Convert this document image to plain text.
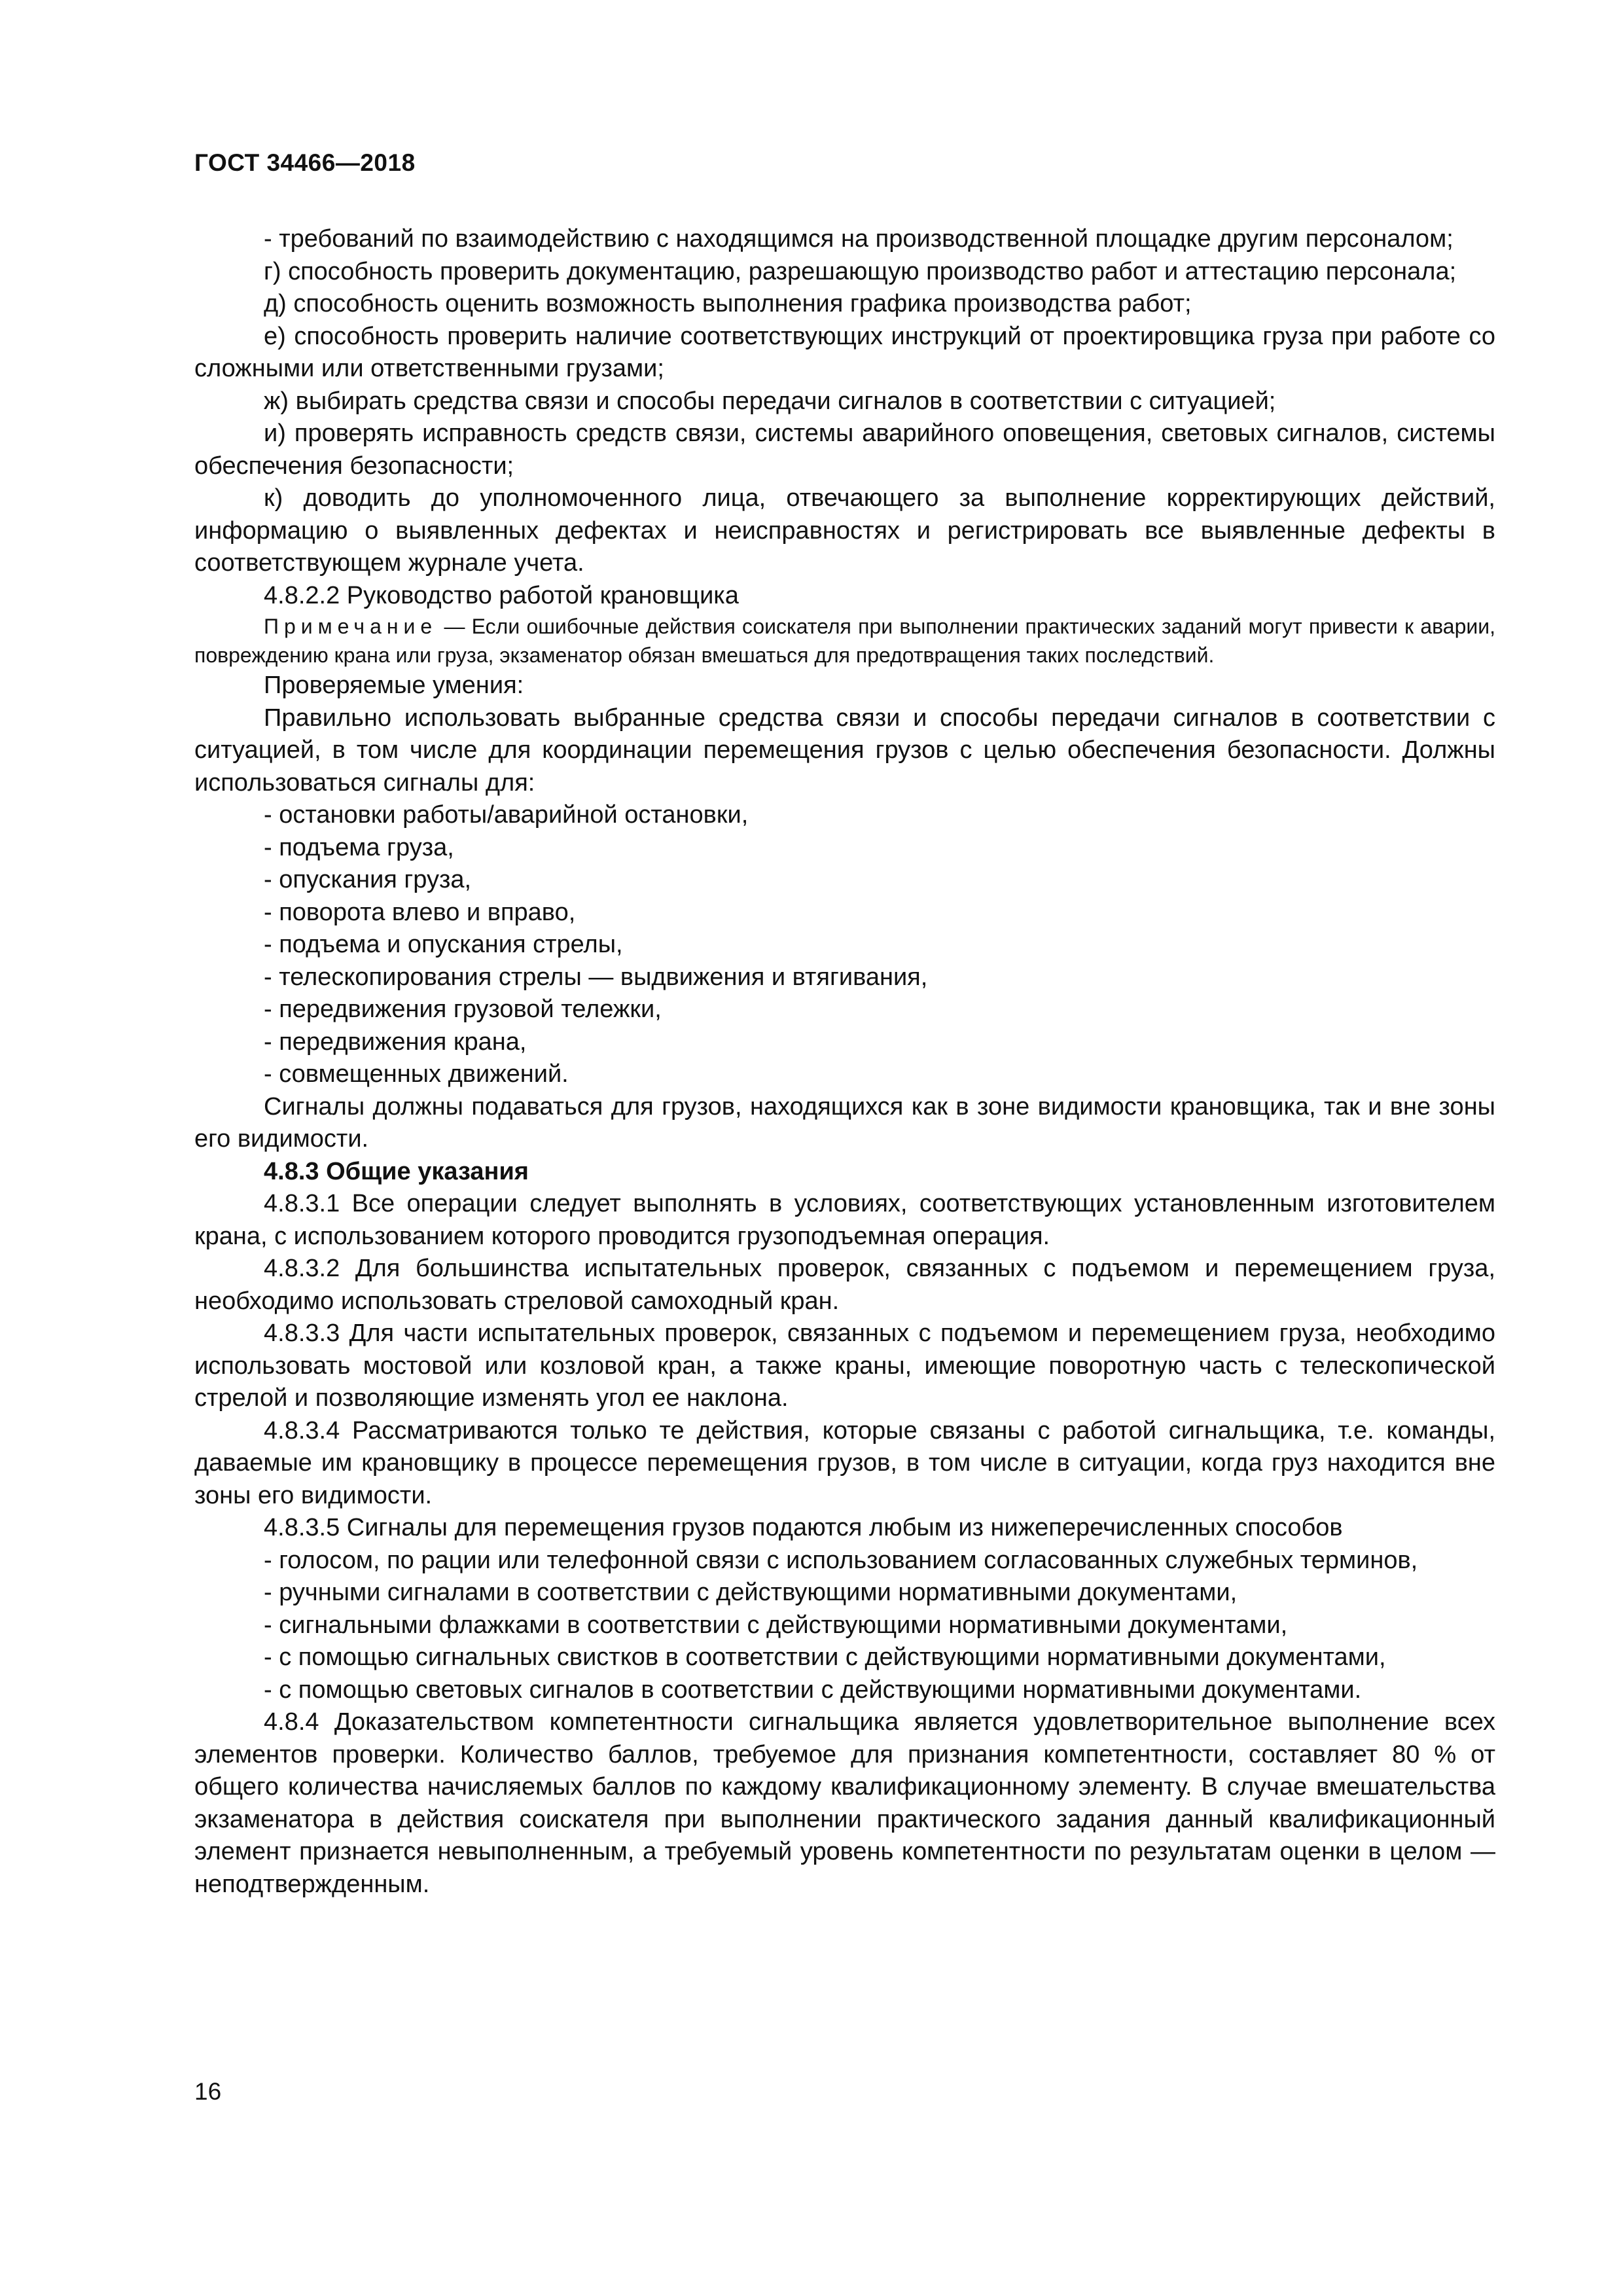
ГОСТ 34466—2018

- требований по взаимодействию с находящимся на производственной площадке другим персоналом;

г) способность проверить документацию, разрешающую производство работ и аттестацию персонала;

д) способность оценить возможность выполнения графика производства работ;

е) способность проверить наличие соответствующих инструкций от проектировщика груза при работе со сложными или ответственными грузами;

ж) выбирать средства связи и способы передачи сигналов в соответствии с ситуацией;

и) проверять исправность средств связи, системы аварийного оповещения, световых сигналов, системы обеспечения безопасности;

к) доводить до уполномоченного лица, отвечающего за выполнение корректирующих действий, информацию о выявленных дефектах и неисправностях и регистрировать все выявленные дефекты в соответствующем журнале учета.

4.8.2.2 Руководство работой крановщика

Примечание — Если ошибочные действия соискателя при выполнении практических заданий могут привести к аварии, повреждению крана или груза, экзаменатор обязан вмешаться для предотвращения таких последствий.

Проверяемые умения:

Правильно использовать выбранные средства связи и способы передачи сигналов в соответствии с ситуацией, в том числе для координации перемещения грузов с целью обеспечения безопасности. Должны использоваться сигналы для:

- остановки работы/аварийной остановки,

- подъема груза,

- опускания груза,

- поворота влево и вправо,

- подъема и опускания стрелы,

- телескопирования стрелы — выдвижения и втягивания,

- передвижения грузовой тележки,

- передвижения крана,

- совмещенных движений.

Сигналы должны подаваться для грузов, находящихся как в зоне видимости крановщика, так и вне зоны его видимости.

4.8.3 Общие указания

4.8.3.1 Все операции следует выполнять в условиях, соответствующих установленным изготовителем крана, с использованием которого проводится грузоподъемная операция.

4.8.3.2 Для большинства испытательных проверок, связанных с подъемом и перемещением груза, необходимо использовать стреловой самоходный кран.

4.8.3.3 Для части испытательных проверок, связанных с подъемом и перемещением груза, необходимо использовать мостовой или козловой кран, а также краны, имеющие поворотную часть с телескопической стрелой и позволяющие изменять угол ее наклона.

4.8.3.4 Рассматриваются только те действия, которые связаны с работой сигнальщика, т.е. команды, даваемые им крановщику в процессе перемещения грузов, в том числе в ситуации, когда груз находится вне зоны его видимости.

4.8.3.5 Сигналы для перемещения грузов подаются любым из нижеперечисленных способов

- голосом, по рации или телефонной связи с использованием согласованных служебных терминов,

- ручными сигналами в соответствии с действующими нормативными документами,

- сигнальными флажками в соответствии с действующими нормативными документами,

- с помощью сигнальных свистков в соответствии с действующими нормативными документами,

- с помощью световых сигналов в соответствии с действующими нормативными документами.

4.8.4 Доказательством компетентности сигнальщика является удовлетворительное выполнение всех элементов проверки. Количество баллов, требуемое для признания компетентности, составляет 80 % от общего количества начисляемых баллов по каждому квалификационному элементу. В случае вмешательства экзаменатора в действия соискателя при выполнении практического задания данный квалификационный элемент признается невыполненным, а требуемый уровень компетентности по результатам оценки в целом — неподтвержденным.

16
